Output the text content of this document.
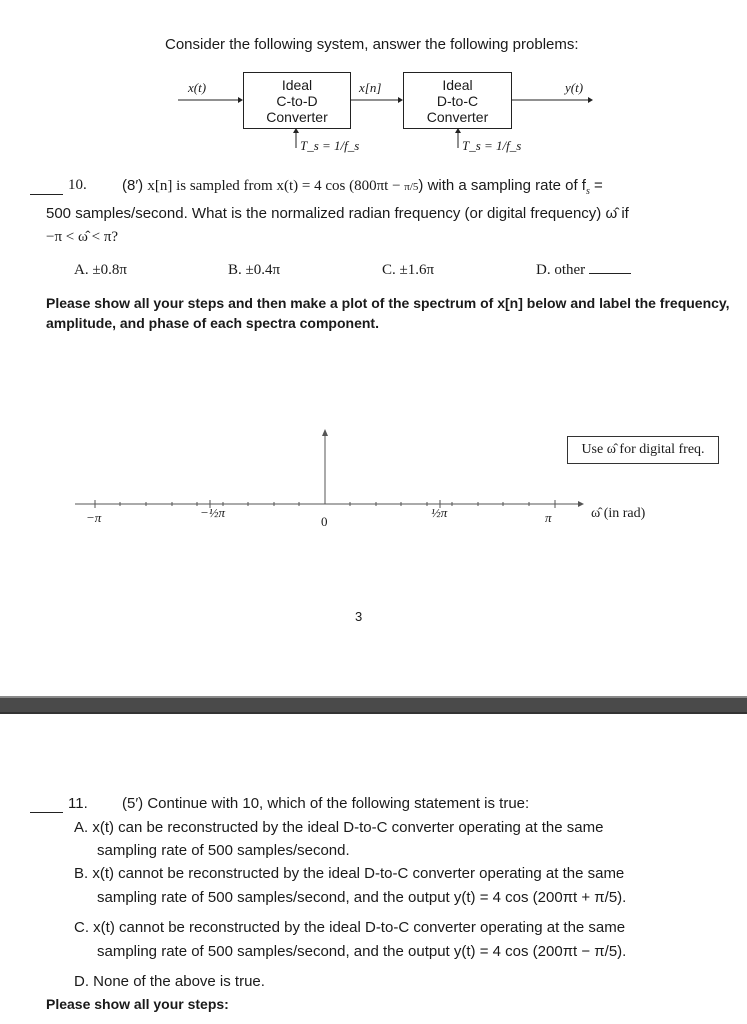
Consider the following system, answer the following problems:
x(t)	Ideal
C-to-D
Converter
x[n]	Ideal
D-to-C
Converter
y(t)
T_s = 1/f_s	T_s = 1/f_s
10. (8′) x[n] is sampled from x(t) = 4 cos (800πt − π/5) with a sampling rate of $f_s$ =
500 samples/second. What is the normalized radian frequency (or digital frequency) ω̂ if
−π < ω̂ < π?
A. ±0.8π	B. ±0.4π	C. ±1.6π	D. other
Please show all your steps and then make a plot of the spectrum of x[n] below and label the frequency,
amplitude, and phase of each spectra component.
Use ω̂ for digital freq.
−π	−½π
0
½π	π	ω̂ (in rad)
3
11. (5′) Continue with 10, which of the following statement is true:
A. x(t) can be reconstructed by the ideal D-to-C converter operating at the same
sampling rate of 500 samples/second.
B. x(t) cannot be reconstructed by the ideal D-to-C converter operating at the same
sampling rate of 500 samples/second, and the output y(t) = 4 cos (200πt + π/5).
C. x(t) cannot be reconstructed by the ideal D-to-C converter operating at the same
sampling rate of 500 samples/second, and the output y(t) = 4 cos (200πt − π/5).
D. None of the above is true.
Please show all your steps:
